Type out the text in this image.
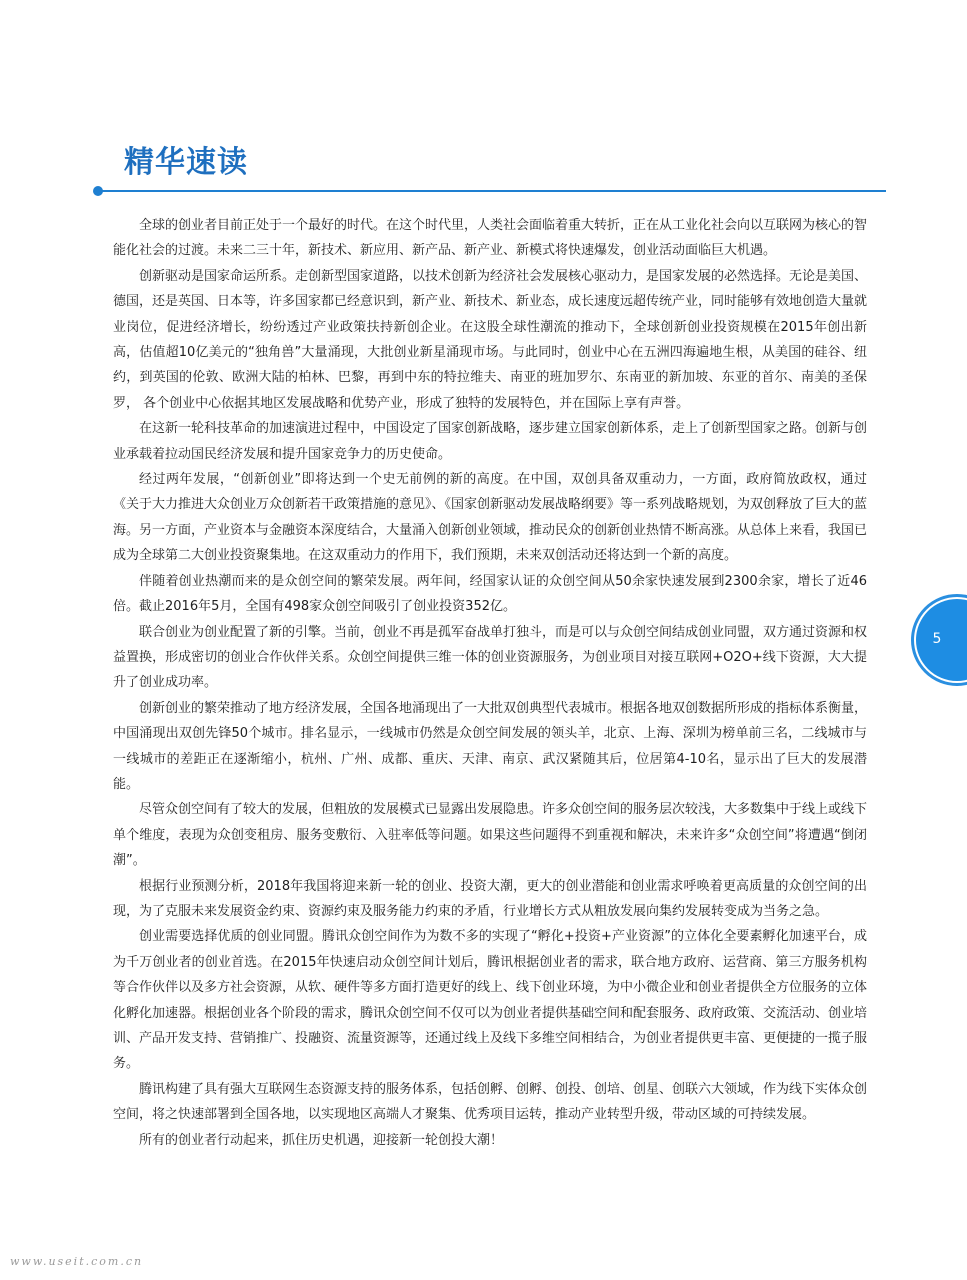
精华速读

全球的创业者目前正处于一个最好的时代。在这个时代里，人类社会面临着重大转折，正在从工业化社会向以互联网为核心的智能化社会的过渡。未来二三十年，新技术、新应用、新产品、新产业、新模式将快速爆发，创业活动面临巨大机遇。

创新驱动是国家命运所系。走创新型国家道路，以技术创新为经济社会发展核心驱动力，是国家发展的必然选择。无论是美国、德国，还是英国、日本等，许多国家都已经意识到，新产业、新技术、新业态，成长速度远超传统产业，同时能够有效地创造大量就业岗位，促进经济增长，纷纷透过产业政策扶持新创企业。在这股全球性潮流的推动下，全球创新创业投资规模在2015年创出新高，估值超10亿美元的“独角兽”大量涌现，大批创业新星涌现市场。与此同时，创业中心在五洲四海遍地生根，从美国的硅谷、纽约，到英国的伦敦、欧洲大陆的柏林、巴黎，再到中东的特拉维夫、南亚的班加罗尔、东南亚的新加坡、东亚的首尔、南美的圣保罗， 各个创业中心依据其地区发展战略和优势产业，形成了独特的发展特色，并在国际上享有声誉。

在这新一轮科技革命的加速演进过程中，中国设定了国家创新战略，逐步建立国家创新体系，走上了创新型国家之路。创新与创业承载着拉动国民经济发展和提升国家竞争力的历史使命。

经过两年发展，“创新创业”即将达到一个史无前例的新的高度。在中国，双创具备双重动力，一方面，政府简放政权，通过《关于大力推进大众创业万众创新若干政策措施的意见》、《国家创新驱动发展战略纲要》等一系列战略规划，为双创释放了巨大的蓝海。另一方面，产业资本与金融资本深度结合，大量涌入创新创业领域，推动民众的创新创业热情不断高涨。从总体上来看，我国已成为全球第二大创业投资聚集地。在这双重动力的作用下，我们预期，未来双创活动还将达到一个新的高度。

伴随着创业热潮而来的是众创空间的繁荣发展。两年间，经国家认证的众创空间从50余家快速发展到2300余家，增长了近46倍。截止2016年5月，全国有498家众创空间吸引了创业投资352亿。

联合创业为创业配置了新的引擎。当前，创业不再是孤军奋战单打独斗，而是可以与众创空间结成创业同盟，双方通过资源和权益置换，形成密切的创业合作伙伴关系。众创空间提供三维一体的创业资源服务，为创业项目对接互联网+O2O+线下资源，大大提升了创业成功率。

创新创业的繁荣推动了地方经济发展，全国各地涌现出了一大批双创典型代表城市。根据各地双创数据所形成的指标体系衡量，中国涌现出双创先锋50个城市。排名显示，一线城市仍然是众创空间发展的领头羊，北京、上海、深圳为榜单前三名，二线城市与一线城市的差距正在逐渐缩小，杭州、广州、成都、重庆、天津、南京、武汉紧随其后，位居第4-10名，显示出了巨大的发展潜能。

尽管众创空间有了较大的发展，但粗放的发展模式已显露出发展隐患。许多众创空间的服务层次较浅，大多数集中于线上或线下单个维度，表现为众创变租房、服务变敷衍、入驻率低等问题。如果这些问题得不到重视和解决，未来许多“众创空间”将遭遇“倒闭潮”。

根据行业预测分析，2018年我国将迎来新一轮的创业、投资大潮，更大的创业潜能和创业需求呼唤着更高质量的众创空间的出现，为了克服未来发展资金约束、资源约束及服务能力约束的矛盾，行业增长方式从粗放发展向集约发展转变成为当务之急。

创业需要选择优质的创业同盟。腾讯众创空间作为为数不多的实现了“孵化+投资+产业资源”的立体化全要素孵化加速平台，成为千万创业者的创业首选。在2015年快速启动众创空间计划后，腾讯根据创业者的需求，联合地方政府、运营商、第三方服务机构等合作伙伴以及多方社会资源，从软、硬件等多方面打造更好的线上、线下创业环境，为中小微企业和创业者提供全方位服务的立体化孵化加速器。根据创业各个阶段的需求，腾讯众创空间不仅可以为创业者提供基础空间和配套服务、政府政策、交流活动、创业培训、产品开发支持、营销推广、投融资、流量资源等，还通过线上及线下多维空间相结合，为创业者提供更丰富、更便捷的一揽子服务。

腾讯构建了具有强大互联网生态资源支持的服务体系，包括创孵、创孵、创投、创培、创星、创联六大领域，作为线下实体众创空间，将之快速部署到全国各地，以实现地区高端人才聚集、优秀项目运转，推动产业转型升级，带动区域的可持续发展。

所有的创业者行动起来，抓住历史机遇，迎接新一轮创投大潮！

5
www.useit.com.cn
